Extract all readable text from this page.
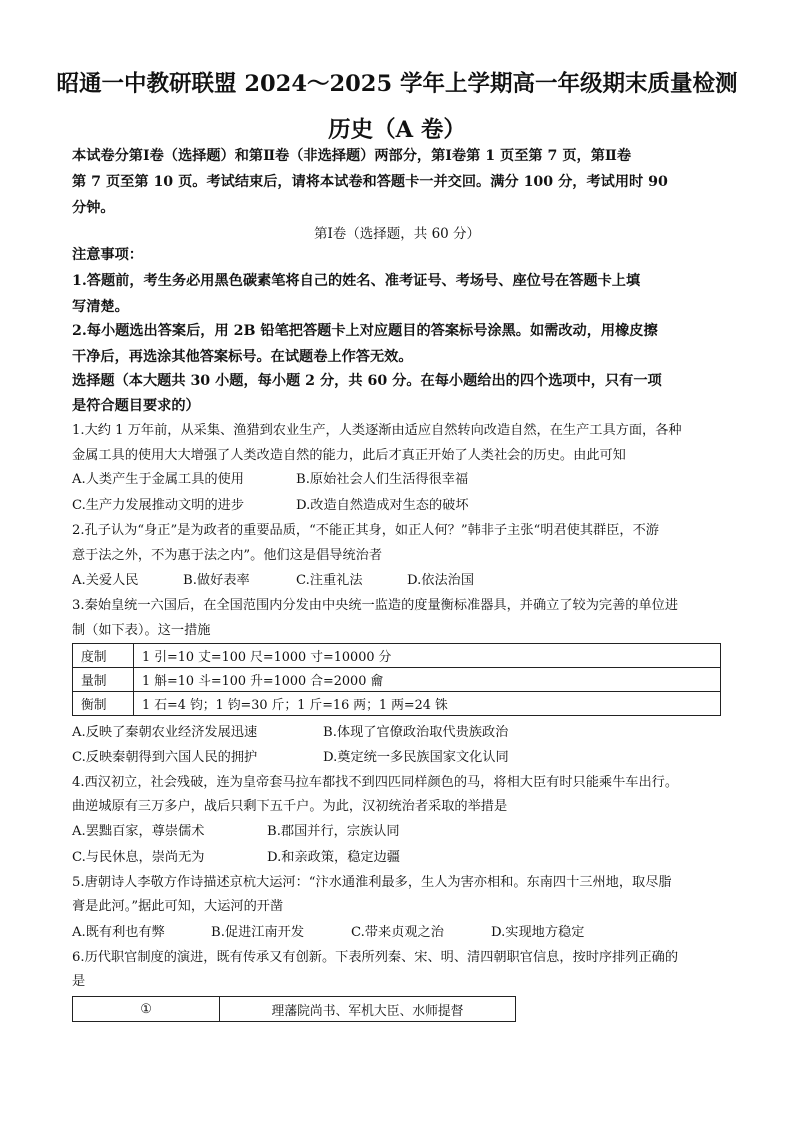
昭通一中教研联盟 2024～2025 学年上学期高一年级期末质量检测
历史（A 卷）
本试卷分第Ⅰ卷（选择题）和第Ⅱ卷（非选择题）两部分，第Ⅰ卷第 1 页至第 7 页，第Ⅱ卷
第 7 页至第 10 页。考试结束后，请将本试卷和答题卡一并交回。满分 100 分，考试用时 90
分钟。
第Ⅰ卷（选择题，共 60 分）
注意事项：
1.答题前，考生务必用黑色碳素笔将自己的姓名、准考证号、考场号、座位号在答题卡上填
写清楚。
2.每小题选出答案后，用 2B 铅笔把答题卡上对应题目的答案标号涂黑。如需改动，用橡皮擦
干净后，再选涂其他答案标号。在试题卷上作答无效。
选择题（本大题共 30 小题，每小题 2 分，共 60 分。在每小题给出的四个选项中，只有一项
是符合题目要求的）
1.大约 1 万年前，从采集、渔猎到农业生产，人类逐渐由适应自然转向改造自然，在生产工具方面，各种
金属工具的使用大大增强了人类改造自然的能力，此后才真正开始了人类社会的历史。由此可知
A.人类产生于金属工具的使用	B.原始社会人们生活得很幸福
C.生产力发展推动文明的进步	D.改造自然造成对生态的破坏
2.孔子认为“身正”是为政者的重要品质，“不能正其身，如正人何？”韩非子主张“明君使其群臣，不游
意于法之外，不为惠于法之内”。他们这是倡导统治者
A.关爱人民	B.做好表率	C.注重礼法	D.依法治国
3.秦始皇统一六国后，在全国范围内分发由中央统一监造的度量衡标准器具，并确立了较为完善的单位进
制（如下表）。这一措施
度制	1 引=10 丈=100 尺=1000 寸=10000 分
量制	1 斛=10 斗=100 升=1000 合=2000 龠
衡制	1 石=4 钧；1 钧=30 斤；1 斤=16 两；1 两=24 铢
A.反映了秦朝农业经济发展迅速	B.体现了官僚政治取代贵族政治
C.反映秦朝得到六国人民的拥护	D.奠定统一多民族国家文化认同
4.西汉初立，社会残破，连为皇帝套马拉车都找不到四匹同样颜色的马，将相大臣有时只能乘牛车出行。
曲逆城原有三万多户，战后只剩下五千户。为此，汉初统治者采取的举措是
A.罢黜百家，尊崇儒术	B.郡国并行，宗族认同
C.与民休息，崇尚无为	D.和亲政策，稳定边疆
5.唐朝诗人李敬方作诗描述京杭大运河：“汴水通淮利最多，生人为害亦相和。东南四十三州地，取尽脂
膏是此河。”据此可知，大运河的开凿
A.既有利也有弊	B.促进江南开发	C.带来贞观之治	D.实现地方稳定
6.历代职官制度的演进，既有传承又有创新。下表所列秦、宋、明、清四朝职官信息，按时序排列正确的
是
①	理藩院尚书、军机大臣、水师提督
